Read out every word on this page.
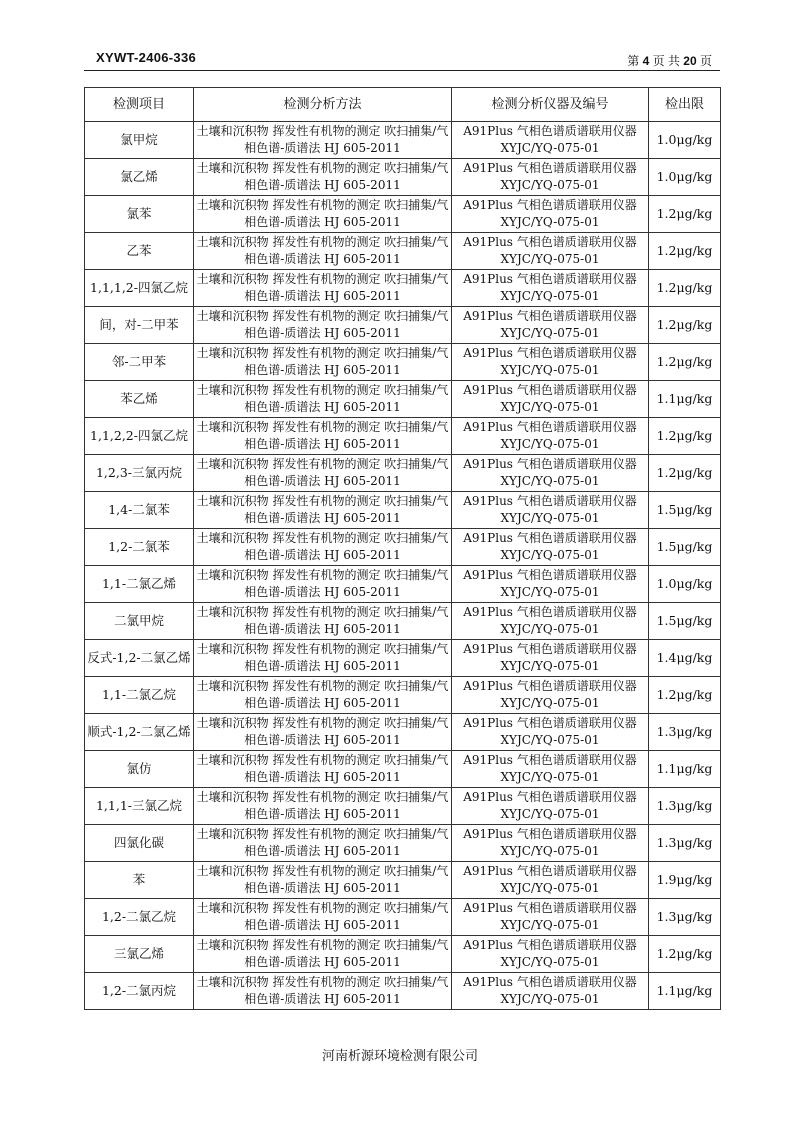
XYWT-2406-336	第 4 页 共 20 页
检测项目	检测分析方法	检测分析仪器及编号	检出限
氯甲烷	土壤和沉积物 挥发性有机物的测定 吹扫捕集/气相色谱-质谱法 HJ 605-2011	A91Plus 气相色谱质谱联用仪器 XYJC/YQ-075-01	1.0μg/kg
氯乙烯	土壤和沉积物 挥发性有机物的测定 吹扫捕集/气相色谱-质谱法 HJ 605-2011	A91Plus 气相色谱质谱联用仪器 XYJC/YQ-075-01	1.0μg/kg
氯苯	土壤和沉积物 挥发性有机物的测定 吹扫捕集/气相色谱-质谱法 HJ 605-2011	A91Plus 气相色谱质谱联用仪器 XYJC/YQ-075-01	1.2μg/kg
乙苯	土壤和沉积物 挥发性有机物的测定 吹扫捕集/气相色谱-质谱法 HJ 605-2011	A91Plus 气相色谱质谱联用仪器 XYJC/YQ-075-01	1.2μg/kg
1,1,1,2-四氯乙烷	土壤和沉积物 挥发性有机物的测定 吹扫捕集/气相色谱-质谱法 HJ 605-2011	A91Plus 气相色谱质谱联用仪器 XYJC/YQ-075-01	1.2μg/kg
间，对-二甲苯	土壤和沉积物 挥发性有机物的测定 吹扫捕集/气相色谱-质谱法 HJ 605-2011	A91Plus 气相色谱质谱联用仪器 XYJC/YQ-075-01	1.2μg/kg
邻-二甲苯	土壤和沉积物 挥发性有机物的测定 吹扫捕集/气相色谱-质谱法 HJ 605-2011	A91Plus 气相色谱质谱联用仪器 XYJC/YQ-075-01	1.2μg/kg
苯乙烯	土壤和沉积物 挥发性有机物的测定 吹扫捕集/气相色谱-质谱法 HJ 605-2011	A91Plus 气相色谱质谱联用仪器 XYJC/YQ-075-01	1.1μg/kg
1,1,2,2-四氯乙烷	土壤和沉积物 挥发性有机物的测定 吹扫捕集/气相色谱-质谱法 HJ 605-2011	A91Plus 气相色谱质谱联用仪器 XYJC/YQ-075-01	1.2μg/kg
1,2,3-三氯丙烷	土壤和沉积物 挥发性有机物的测定 吹扫捕集/气相色谱-质谱法 HJ 605-2011	A91Plus 气相色谱质谱联用仪器 XYJC/YQ-075-01	1.2μg/kg
1,4-二氯苯	土壤和沉积物 挥发性有机物的测定 吹扫捕集/气相色谱-质谱法 HJ 605-2011	A91Plus 气相色谱质谱联用仪器 XYJC/YQ-075-01	1.5μg/kg
1,2-二氯苯	土壤和沉积物 挥发性有机物的测定 吹扫捕集/气相色谱-质谱法 HJ 605-2011	A91Plus 气相色谱质谱联用仪器 XYJC/YQ-075-01	1.5μg/kg
1,1-二氯乙烯	土壤和沉积物 挥发性有机物的测定 吹扫捕集/气相色谱-质谱法 HJ 605-2011	A91Plus 气相色谱质谱联用仪器 XYJC/YQ-075-01	1.0μg/kg
二氯甲烷	土壤和沉积物 挥发性有机物的测定 吹扫捕集/气相色谱-质谱法 HJ 605-2011	A91Plus 气相色谱质谱联用仪器 XYJC/YQ-075-01	1.5μg/kg
反式-1,2-二氯乙烯	土壤和沉积物 挥发性有机物的测定 吹扫捕集/气相色谱-质谱法 HJ 605-2011	A91Plus 气相色谱质谱联用仪器 XYJC/YQ-075-01	1.4μg/kg
1,1-二氯乙烷	土壤和沉积物 挥发性有机物的测定 吹扫捕集/气相色谱-质谱法 HJ 605-2011	A91Plus 气相色谱质谱联用仪器 XYJC/YQ-075-01	1.2μg/kg
顺式-1,2-二氯乙烯	土壤和沉积物 挥发性有机物的测定 吹扫捕集/气相色谱-质谱法 HJ 605-2011	A91Plus 气相色谱质谱联用仪器 XYJC/YQ-075-01	1.3μg/kg
氯仿	土壤和沉积物 挥发性有机物的测定 吹扫捕集/气相色谱-质谱法 HJ 605-2011	A91Plus 气相色谱质谱联用仪器 XYJC/YQ-075-01	1.1μg/kg
1,1,1-三氯乙烷	土壤和沉积物 挥发性有机物的测定 吹扫捕集/气相色谱-质谱法 HJ 605-2011	A91Plus 气相色谱质谱联用仪器 XYJC/YQ-075-01	1.3μg/kg
四氯化碳	土壤和沉积物 挥发性有机物的测定 吹扫捕集/气相色谱-质谱法 HJ 605-2011	A91Plus 气相色谱质谱联用仪器 XYJC/YQ-075-01	1.3μg/kg
苯	土壤和沉积物 挥发性有机物的测定 吹扫捕集/气相色谱-质谱法 HJ 605-2011	A91Plus 气相色谱质谱联用仪器 XYJC/YQ-075-01	1.9μg/kg
1,2-二氯乙烷	土壤和沉积物 挥发性有机物的测定 吹扫捕集/气相色谱-质谱法 HJ 605-2011	A91Plus 气相色谱质谱联用仪器 XYJC/YQ-075-01	1.3μg/kg
三氯乙烯	土壤和沉积物 挥发性有机物的测定 吹扫捕集/气相色谱-质谱法 HJ 605-2011	A91Plus 气相色谱质谱联用仪器 XYJC/YQ-075-01	1.2μg/kg
1,2-二氯丙烷	土壤和沉积物 挥发性有机物的测定 吹扫捕集/气相色谱-质谱法 HJ 605-2011	A91Plus 气相色谱质谱联用仪器 XYJC/YQ-075-01	1.1μg/kg
河南析源环境检测有限公司
